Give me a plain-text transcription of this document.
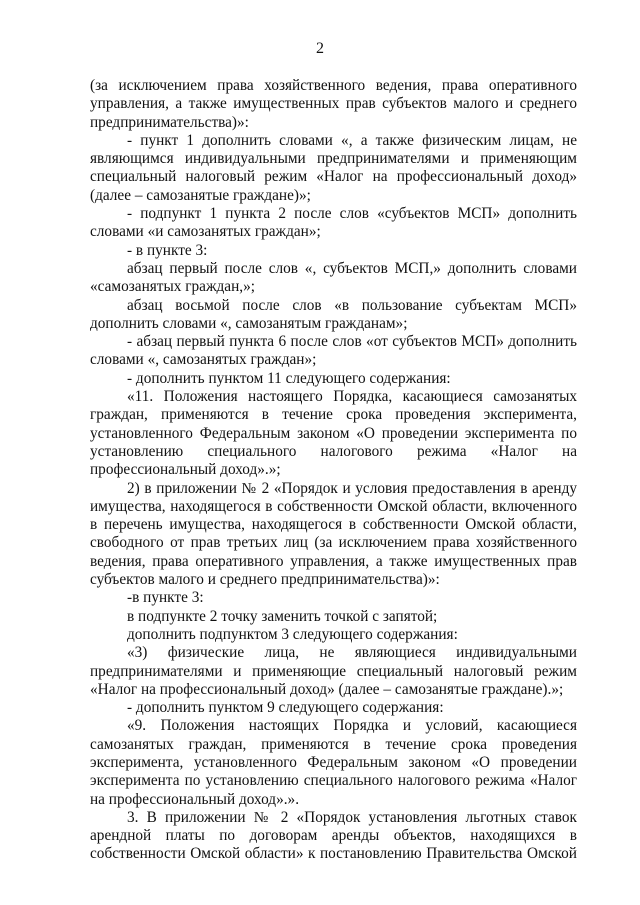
2

(за исключением права хозяйственного ведения, права оперативного управления, а также имущественных прав субъектов малого и среднего предпринимательства)»:

- пункт 1 дополнить словами «, а также физическим лицам, не являющимся индивидуальными предпринимателями и применяющим специальный налоговый режим «Налог на профессиональный доход» (далее – самозанятые граждане)»;

- подпункт 1 пункта 2 после слов «субъектов МСП» дополнить словами «и самозанятых граждан»;

- в пункте 3:

абзац первый после слов «, субъектов МСП,» дополнить словами «самозанятых граждан,»;

абзац восьмой после слов «в пользование субъектам МСП» дополнить словами «, самозанятым гражданам»;

- абзац первый пункта 6 после слов «от субъектов МСП» дополнить словами «, самозанятых граждан»;

- дополнить пунктом 11 следующего содержания:

«11. Положения настоящего Порядка, касающиеся самозанятых граждан, применяются в течение срока проведения эксперимента, установленного Федеральным законом «О проведении эксперимента по установлению специального налогового режима «Налог на профессиональный доход».»;

2) в приложении № 2 «Порядок и условия предоставления в аренду имущества, находящегося в собственности Омской области, включенного в перечень имущества, находящегося в собственности Омской области, свободного от прав третьих лиц (за исключением права хозяйственного ведения, права оперативного управления, а также имущественных прав субъектов малого и среднего предпринимательства)»:

-в пункте 3:

в подпункте 2 точку заменить точкой с запятой;

дополнить подпунктом 3 следующего содержания:

«3) физические лица, не являющиеся индивидуальными предпринимателями и применяющие специальный налоговый режим «Налог на профессиональный доход» (далее – самозанятые граждане).»;

- дополнить пунктом 9 следующего содержания:

«9. Положения настоящих Порядка и условий, касающиеся самозанятых граждан, применяются в течение срока проведения эксперимента, установленного Федеральным законом «О проведении эксперимента по установлению специального налогового режима «Налог на профессиональный доход».».

3. В приложении № 2 «Порядок установления льготных ставок арендной платы по договорам аренды объектов, находящихся в собственности Омской области» к постановлению Правительства Омской
